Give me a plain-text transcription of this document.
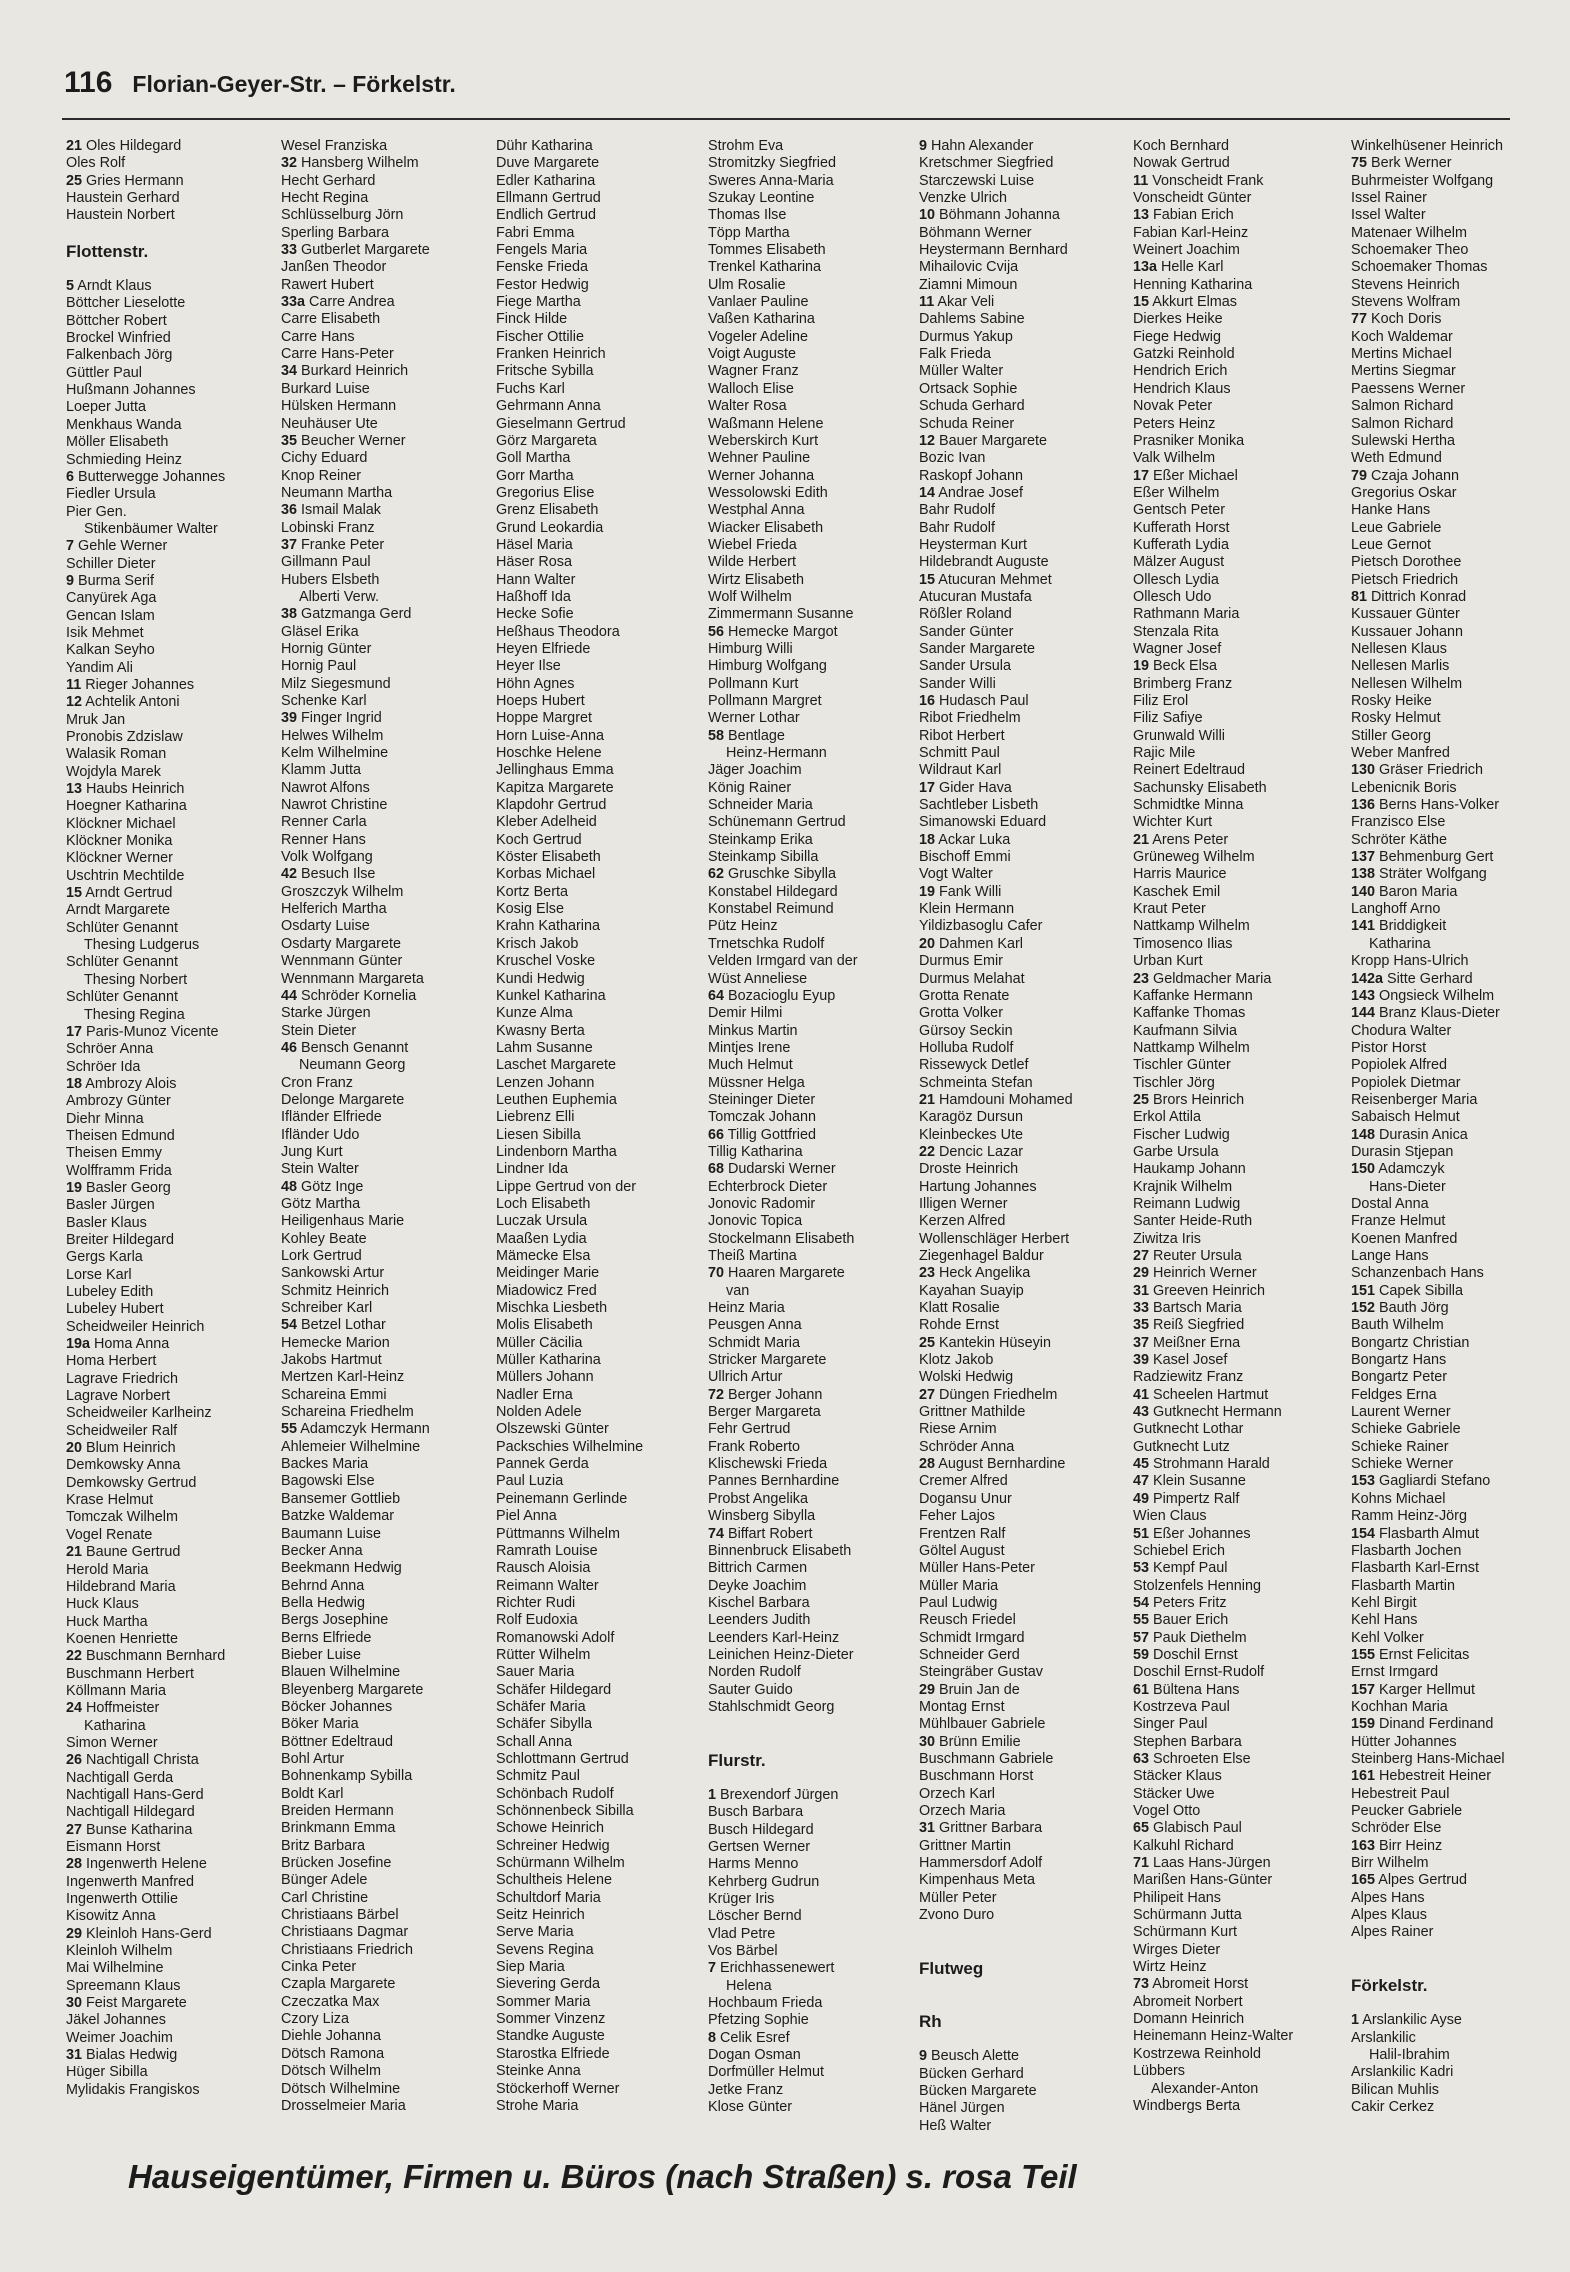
116 Florian-Geyer-Str. – Förkelstr.
21 Oles Hildegard
Oles Rolf
25 Gries Hermann
Haustein Gerhard
Haustein Norbert
Flottenstr.
5 Arndt Klaus
Böttcher Lieselotte
Böttcher Robert
Brockel Winfried
Falkenbach Jörg
Güttler Paul
Hußmann Johannes
Loeper Jutta
Menkhaus Wanda
Möller Elisabeth
Schmieding Heinz
6 Butterwegge Johannes
Fiedler Ursula
Pier Gen.
Stikenbäumer Walter
7 Gehle Werner
Schiller Dieter
9 Burma Serif
Canyürek Aga
Gencan Islam
Isik Mehmet
Kalkan Seyho
Yandim Ali
11 Rieger Johannes
12 Achtelik Antoni
Mruk Jan
Pronobis Zdzislaw
Walasik Roman
Wojdyla Marek
13 Haubs Heinrich
Hoegner Katharina
Klöckner Michael
Klöckner Monika
Klöckner Werner
Uschtrin Mechtilde
15 Arndt Gertrud
Arndt Margarete
Schlüter Genannt
Thesing Ludgerus
Schlüter Genannt
Thesing Norbert
Schlüter Genannt
Thesing Regina
17 Paris-Munoz Vicente
Schröer Anna
Schröer Ida
18 Ambrozy Alois
Ambrozy Günter
Diehr Minna
Theisen Edmund
Theisen Emmy
Wolfframm Frida
19 Basler Georg
Basler Jürgen
Basler Klaus
Breiter Hildegard
Gergs Karla
Lorse Karl
Lubeley Edith
Lubeley Hubert
Scheidweiler Heinrich
19a Homa Anna
Homa Herbert
Lagrave Friedrich
Lagrave Norbert
Scheidweiler Karlheinz
Scheidweiler Ralf
20 Blum Heinrich
Demkowsky Anna
Demkowsky Gertrud
Krase Helmut
Tomczak Wilhelm
Vogel Renate
21 Baune Gertrud
Herold Maria
Hildebrand Maria
Huck Klaus
Huck Martha
Koenen Henriette
22 Buschmann Bernhard
Buschmann Herbert
Köllmann Maria
24 Hoffmeister
Katharina
Simon Werner
26 Nachtigall Christa
Nachtigall Gerda
Nachtigall Hans-Gerd
Nachtigall Hildegard
27 Bunse Katharina
Eismann Horst
28 Ingenwerth Helene
Ingenwerth Manfred
Ingenwerth Ottilie
Kisowitz Anna
29 Kleinloh Hans-Gerd
Kleinloh Wilhelm
Mai Wilhelmine
Spreemann Klaus
30 Feist Margarete
Jäkel Johannes
Weimer Joachim
31 Bialas Hedwig
Hüger Sibilla
Mylidakis Frangiskos
Wesel Franziska
32 Hansberg Wilhelm
Hecht Gerhard
Hecht Regina
Schlüsselburg Jörn
Sperling Barbara
33 Gutberlet Margarete
Janßen Theodor
Rawert Hubert
33a Carre Andrea
Carre Elisabeth
Carre Hans
Carre Hans-Peter
34 Burkard Heinrich
Burkard Luise
Hülsken Hermann
Neuhäuser Ute
35 Beucher Werner
Cichy Eduard
Knop Reiner
Neumann Martha
36 Ismail Malak
Lobinski Franz
37 Franke Peter
Gillmann Paul
Hubers Elsbeth
Alberti Verw.
38 Gatzmanga Gerd
Gläsel Erika
Hornig Günter
Hornig Paul
Milz Siegesmund
Schenke Karl
39 Finger Ingrid
Helwes Wilhelm
Kelm Wilhelmine
Klamm Jutta
Nawrot Alfons
Nawrot Christine
Renner Carla
Renner Hans
Volk Wolfgang
42 Besuch Ilse
Groszczyk Wilhelm
Helferich Martha
Osdarty Luise
Osdarty Margarete
Wennmann Günter
Wennmann Margareta
44 Schröder Kornelia
Starke Jürgen
Stein Dieter
46 Bensch Genannt
Neumann Georg
Cron Franz
Delonge Margarete
Ifländer Elfriede
Ifländer Udo
Jung Kurt
Stein Walter
48 Götz Inge
Götz Martha
Heiligenhaus Marie
Kohley Beate
Lork Gertrud
Sankowski Artur
Schmitz Heinrich
Schreiber Karl
54 Betzel Lothar
Hemecke Marion
Jakobs Hartmut
Mertzen Karl-Heinz
Schareina Emmi
Schareina Friedhelm
55 Adamczyk Hermann
Ahlemeier Wilhelmine
Backes Maria
Bagowski Else
Bansemer Gottlieb
Batzke Waldemar
Baumann Luise
Becker Anna
Beekmann Hedwig
Behrnd Anna
Bella Hedwig
Bergs Josephine
Berns Elfriede
Bieber Luise
Blauen Wilhelmine
Bleyenberg Margarete
Böcker Johannes
Böker Maria
Böttner Edeltraud
Bohl Artur
Bohnenkamp Sybilla
Boldt Karl
Breiden Hermann
Brinkmann Emma
Britz Barbara
Brücken Josefine
Bünger Adele
Carl Christine
Christiaans Bärbel
Christiaans Dagmar
Christiaans Friedrich
Cinka Peter
Czapla Margarete
Czeczatka Max
Czory Liza
Diehle Johanna
Dötsch Ramona
Dötsch Wilhelm
Dötsch Wilhelmine
Drosselmeier Maria
Dühr Katharina
Duve Margarete
Edler Katharina
Ellmann Gertrud
Endlich Gertrud
Fabri Emma
Fengels Maria
Fenske Frieda
Festor Hedwig
Fiege Martha
Finck Hilde
Fischer Ottilie
Franken Heinrich
Fritsche Sybilla
Fuchs Karl
Gehrmann Anna
Gieselmann Gertrud
Görz Margareta
Goll Martha
Gorr Martha
Gregorius Elise
Grenz Elisabeth
Grund Leokardia
Häsel Maria
Häser Rosa
Hann Walter
Haßhoff Ida
Hecke Sofie
Heßhaus Theodora
Heyen Elfriede
Heyer Ilse
Höhn Agnes
Hoeps Hubert
Hoppe Margret
Horn Luise-Anna
Hoschke Helene
Jellinghaus Emma
Kapitza Margarete
Klapdohr Gertrud
Kleber Adelheid
Koch Gertrud
Köster Elisabeth
Korbas Michael
Kortz Berta
Kosig Else
Krahn Katharina
Krisch Jakob
Kruschel Voske
Kundi Hedwig
Kunkel Katharina
Kunze Alma
Kwasny Berta
Lahm Susanne
Laschet Margarete
Lenzen Johann
Leuthen Euphemia
Liebrenz Elli
Liesen Sibilla
Lindenborn Martha
Lindner Ida
Lippe Gertrud von der
Loch Elisabeth
Luczak Ursula
Maaßen Lydia
Mämecke Elsa
Meidinger Marie
Miadowicz Fred
Mischka Liesbeth
Molis Elisabeth
Müller Cäcilia
Müller Katharina
Müllers Johann
Nadler Erna
Nolden Adele
Olszewski Günter
Packschies Wilhelmine
Pannek Gerda
Paul Luzia
Peinemann Gerlinde
Piel Anna
Püttmanns Wilhelm
Ramrath Louise
Rausch Aloisia
Reimann Walter
Richter Rudi
Rolf Eudoxia
Romanowski Adolf
Rütter Wilhelm
Sauer Maria
Schäfer Hildegard
Schäfer Maria
Schäfer Sibylla
Schall Anna
Schlottmann Gertrud
Schmitz Paul
Schönbach Rudolf
Schönnenbeck Sibilla
Schowe Heinrich
Schreiner Hedwig
Schürmann Wilhelm
Schultheis Helene
Schultdorf Maria
Seitz Heinrich
Serve Maria
Sevens Regina
Siep Maria
Sievering Gerda
Sommer Maria
Sommer Vinzenz
Standke Auguste
Starostka Elfriede
Steinke Anna
Stöckerhoff Werner
Strohe Maria
Strohm Eva
Stromitzky Siegfried
Sweres Anna-Maria
Szukay Leontine
Thomas Ilse
Töpp Martha
Tommes Elisabeth
Trenkel Katharina
Ulm Rosalie
Vanlaer Pauline
Vaßen Katharina
Vogeler Adeline
Voigt Auguste
Wagner Franz
Walloch Elise
Walter Rosa
Waßmann Helene
Weberskirch Kurt
Wehner Pauline
Werner Johanna
Wessolowski Edith
Westphal Anna
Wiacker Elisabeth
Wiebel Frieda
Wilde Herbert
Wirtz Elisabeth
Wolf Wilhelm
Zimmermann Susanne
56 Hemecke Margot
Himburg Willi
Himburg Wolfgang
Pollmann Kurt
Pollmann Margret
Werner Lothar
58 Bentlage
Heinz-Hermann
Jäger Joachim
König Rainer
Schneider Maria
Schünemann Gertrud
Steinkamp Erika
Steinkamp Sibilla
62 Gruschke Sibylla
Konstabel Hildegard
Konstabel Reimund
Pütz Heinz
Trnetschka Rudolf
Velden Irmgard van der
Wüst Anneliese
64 Bozacioglu Eyup
Demir Hilmi
Minkus Martin
Mintjes Irene
Much Helmut
Müssner Helga
Steininger Dieter
Tomczak Johann
66 Tillig Gottfried
Tillig Katharina
68 Dudarski Werner
Echterbrock Dieter
Jonovic Radomir
Jonovic Topica
Stockelmann Elisabeth
Theiß Martina
70 Haaren Margarete
van
Heinz Maria
Peusgen Anna
Schmidt Maria
Stricker Margarete
Ullrich Artur
72 Berger Johann
Berger Margareta
Fehr Gertrud
Frank Roberto
Klischewski Frieda
Pannes Bernhardine
Probst Angelika
Winsberg Sibylla
74 Biffart Robert
Binnenbruck Elisabeth
Bittrich Carmen
Deyke Joachim
Kischel Barbara
Leenders Judith
Leenders Karl-Heinz
Leinichen Heinz-Dieter
Norden Rudolf
Sauter Guido
Stahlschmidt Georg
Flurstr.
1 Brexendorf Jürgen
Busch Barbara
Busch Hildegard
Gertsen Werner
Harms Menno
Kehrberg Gudrun
Krüger Iris
Löscher Bernd
Vlad Petre
Vos Bärbel
7 Erichhassenewert
Helena
Hochbaum Frieda
Pfetzing Sophie
8 Celik Esref
Dogan Osman
Dorfmüller Helmut
Jetke Franz
Klose Günter
9 Hahn Alexander
Kretschmer Siegfried
Starczewski Luise
Venzke Ulrich
10 Böhmann Johanna
Böhmann Werner
Heystermann Bernhard
Mihailovic Cvija
Ziamni Mimoun
11 Akar Veli
Dahlems Sabine
Durmus Yakup
Falk Frieda
Müller Walter
Ortsack Sophie
Schuda Gerhard
Schuda Reiner
12 Bauer Margarete
Bozic Ivan
Raskopf Johann
14 Andrae Josef
Bahr Rudolf
Bahr Rudolf
Heysterman Kurt
Hildebrandt Auguste
15 Atucuran Mehmet
Atucuran Mustafa
Rößler Roland
Sander Günter
Sander Margarete
Sander Ursula
Sander Willi
16 Hudasch Paul
Ribot Friedhelm
Ribot Herbert
Schmitt Paul
Wildraut Karl
17 Gider Hava
Sachtleber Lisbeth
Simanowski Eduard
18 Ackar Luka
Bischoff Emmi
Vogt Walter
19 Fank Willi
Klein Hermann
Yildizbasoglu Cafer
20 Dahmen Karl
Durmus Emir
Durmus Melahat
Grotta Renate
Grotta Volker
Gürsoy Seckin
Holluba Rudolf
Rissewyck Detlef
Schmeinta Stefan
21 Hamdouni Mohamed
Karagöz Dursun
Kleinbeckes Ute
22 Dencic Lazar
Droste Heinrich
Hartung Johannes
Illigen Werner
Kerzen Alfred
Wollenschläger Herbert
Ziegenhagel Baldur
23 Heck Angelika
Kayahan Suayip
Klatt Rosalie
Rohde Ernst
25 Kantekin Hüseyin
Klotz Jakob
Wolski Hedwig
27 Düngen Friedhelm
Grittner Mathilde
Riese Arnim
Schröder Anna
28 August Bernhardine
Cremer Alfred
Dogansu Unur
Feher Lajos
Frentzen Ralf
Göltel August
Müller Hans-Peter
Müller Maria
Paul Ludwig
Reusch Friedel
Schmidt Irmgard
Schneider Gerd
Steingräber Gustav
29 Bruin Jan de
Montag Ernst
Mühlbauer Gabriele
30 Brünn Emilie
Buschmann Gabriele
Buschmann Horst
Orzech Karl
Orzech Maria
31 Grittner Barbara
Grittner Martin
Hammersdorf Adolf
Kimpenhaus Meta
Müller Peter
Zvono Duro
Flutweg
Rh
9 Beusch Alette
Bücken Gerhard
Bücken Margarete
Hänel Jürgen
Heß Walter
Koch Bernhard
Nowak Gertrud
11 Vonscheidt Frank
Vonscheidt Günter
13 Fabian Erich
Fabian Karl-Heinz
Weinert Joachim
13a Helle Karl
Henning Katharina
15 Akkurt Elmas
Dierkes Heike
Fiege Hedwig
Gatzki Reinhold
Hendrich Erich
Hendrich Klaus
Novak Peter
Peters Heinz
Prasniker Monika
Valk Wilhelm
17 Eßer Michael
Eßer Wilhelm
Gentsch Peter
Kufferath Horst
Kufferath Lydia
Mälzer August
Ollesch Lydia
Ollesch Udo
Rathmann Maria
Stenzala Rita
Wagner Josef
19 Beck Elsa
Brimberg Franz
Filiz Erol
Filiz Safiye
Grunwald Willi
Rajic Mile
Reinert Edeltraud
Sachunsky Elisabeth
Schmidtke Minna
Wichter Kurt
21 Arens Peter
Grüneweg Wilhelm
Harris Maurice
Kaschek Emil
Kraut Peter
Nattkamp Wilhelm
Timosenco Ilias
Urban Kurt
23 Geldmacher Maria
Kaffanke Hermann
Kaffanke Thomas
Kaufmann Silvia
Nattkamp Wilhelm
Tischler Günter
Tischler Jörg
25 Brors Heinrich
Erkol Attila
Fischer Ludwig
Garbe Ursula
Haukamp Johann
Krajnik Wilhelm
Reimann Ludwig
Santer Heide-Ruth
Ziwitza Iris
27 Reuter Ursula
29 Heinrich Werner
31 Greeven Heinrich
33 Bartsch Maria
35 Reiß Siegfried
37 Meißner Erna
39 Kasel Josef
Radziewitz Franz
41 Scheelen Hartmut
43 Gutknecht Hermann
Gutknecht Lothar
Gutknecht Lutz
45 Strohmann Harald
47 Klein Susanne
49 Pimpertz Ralf
Wien Claus
51 Eßer Johannes
Schiebel Erich
53 Kempf Paul
Stolzenfels Henning
54 Peters Fritz
55 Bauer Erich
57 Pauk Diethelm
59 Doschil Ernst
Doschil Ernst-Rudolf
61 Bültena Hans
Kostrzeva Paul
Singer Paul
Stephen Barbara
63 Schroeten Else
Stäcker Klaus
Stäcker Uwe
Vogel Otto
65 Glabisch Paul
Kalkuhl Richard
71 Laas Hans-Jürgen
Marißen Hans-Günter
Philipeit Hans
Schürmann Jutta
Schürmann Kurt
Wirges Dieter
Wirtz Heinz
73 Abromeit Horst
Abromeit Norbert
Domann Heinrich
Heinemann Heinz-Walter
Kostrzewa Reinhold
Lübbers
Alexander-Anton
Windbergs Berta
Winkelhüsener Heinrich
75 Berk Werner
Buhrmeister Wolfgang
Issel Rainer
Issel Walter
Matenaer Wilhelm
Schoemaker Theo
Schoemaker Thomas
Stevens Heinrich
Stevens Wolfram
77 Koch Doris
Koch Waldemar
Mertins Michael
Mertins Siegmar
Paessens Werner
Salmon Richard
Salmon Richard
Sulewski Hertha
Weth Edmund
79 Czaja Johann
Gregorius Oskar
Hanke Hans
Leue Gabriele
Leue Gernot
Pietsch Dorothee
Pietsch Friedrich
81 Dittrich Konrad
Kussauer Günter
Kussauer Johann
Nellesen Klaus
Nellesen Marlis
Nellesen Wilhelm
Rosky Heike
Rosky Helmut
Stiller Georg
Weber Manfred
130 Gräser Friedrich
Lebenicnik Boris
136 Berns Hans-Volker
Franzisco Else
Schröter Käthe
137 Behmenburg Gert
138 Sträter Wolfgang
140 Baron Maria
Langhoff Arno
141 Briddigkeit
Katharina
Kropp Hans-Ulrich
142a Sitte Gerhard
143 Ongsieck Wilhelm
144 Branz Klaus-Dieter
Chodura Walter
Pistor Horst
Popiolek Alfred
Popiolek Dietmar
Reisenberger Maria
Sabaisch Helmut
148 Durasin Anica
Durasin Stjepan
150 Adamczyk
Hans-Dieter
Dostal Anna
Franze Helmut
Koenen Manfred
Lange Hans
Schanzenbach Hans
151 Capek Sibilla
152 Bauth Jörg
Bauth Wilhelm
Bongartz Christian
Bongartz Hans
Bongartz Peter
Feldges Erna
Laurent Werner
Schieke Gabriele
Schieke Rainer
Schieke Werner
153 Gagliardi Stefano
Kohns Michael
Ramm Heinz-Jörg
154 Flasbarth Almut
Flasbarth Jochen
Flasbarth Karl-Ernst
Flasbarth Martin
Kehl Birgit
Kehl Hans
Kehl Volker
155 Ernst Felicitas
Ernst Irmgard
157 Karger Hellmut
Kochhan Maria
159 Dinand Ferdinand
Hütter Johannes
Steinberg Hans-Michael
161 Hebestreit Heiner
Hebestreit Paul
Peucker Gabriele
Schröder Else
163 Birr Heinz
Birr Wilhelm
165 Alpes Gertrud
Alpes Hans
Alpes Klaus
Alpes Rainer
Förkelstr.
1 Arslankilic Ayse
Arslankilic
Halil-Ibrahim
Arslankilic Kadri
Bilican Muhlis
Cakir Cerkez
Hauseigentümer, Firmen u. Büros (nach Straßen) s. rosa Teil
